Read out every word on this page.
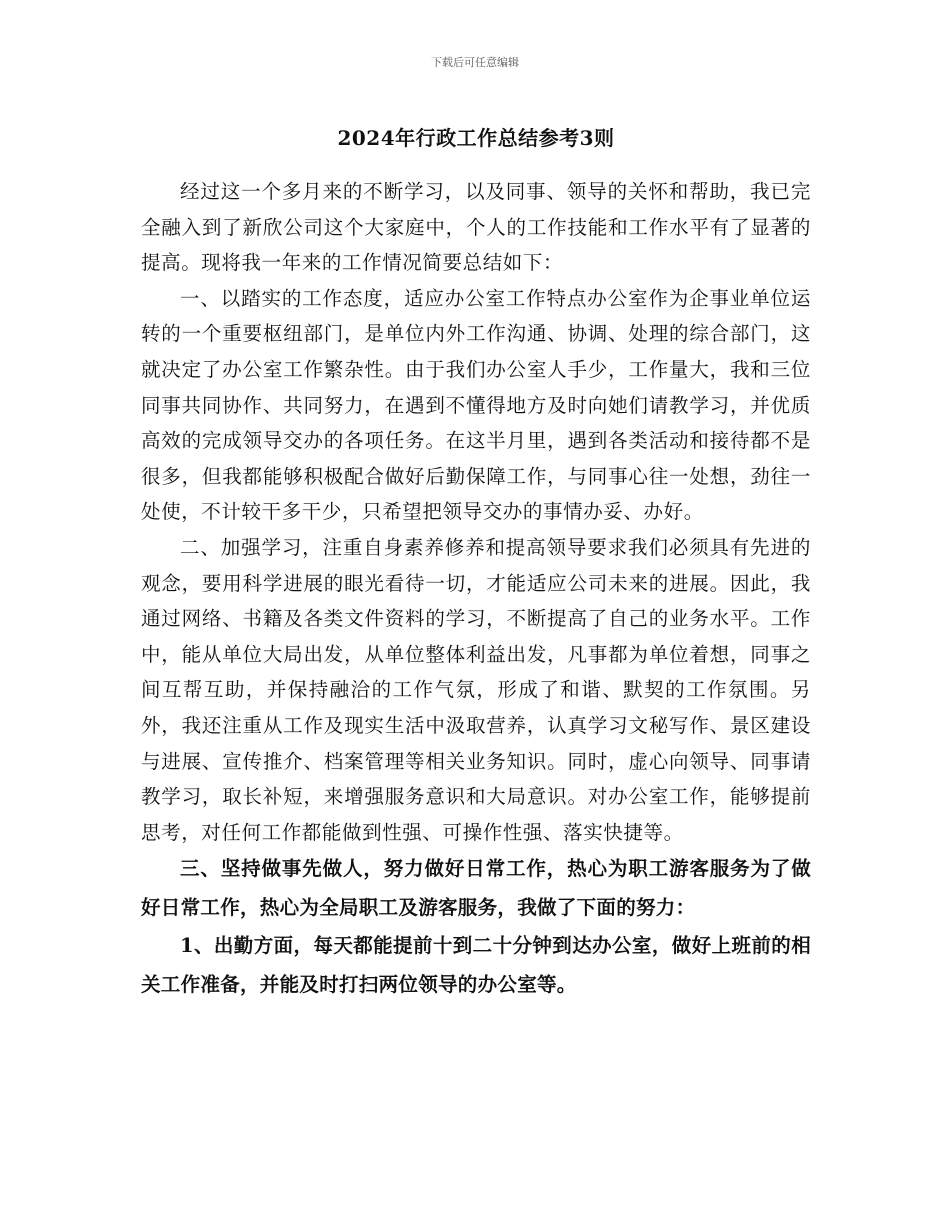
下载后可任意编辑
2024年行政工作总结参考3则

经过这一个多月来的不断学习，以及同事、领导的关怀和帮助，我已完全融入到了新欣公司这个大家庭中，个人的工作技能和工作水平有了显著的提高。现将我一年来的工作情况简要总结如下：

一、以踏实的工作态度，适应办公室工作特点办公室作为企事业单位运转的一个重要枢纽部门，是单位内外工作沟通、协调、处理的综合部门，这就决定了办公室工作繁杂性。由于我们办公室人手少，工作量大，我和三位同事共同协作、共同努力，在遇到不懂得地方及时向她们请教学习，并优质高效的完成领导交办的各项任务。在这半月里，遇到各类活动和接待都不是很多，但我都能够积极配合做好后勤保障工作，与同事心往一处想，劲往一处使，不计较干多干少，只希望把领导交办的事情办妥、办好。

二、加强学习，注重自身素养修养和提高领导要求我们必须具有先进的观念，要用科学进展的眼光看待一切，才能适应公司未来的进展。因此，我通过网络、书籍及各类文件资料的学习，不断提高了自己的业务水平。工作中，能从单位大局出发，从单位整体利益出发，凡事都为单位着想，同事之间互帮互助，并保持融洽的工作气氛，形成了和谐、默契的工作氛围。另外，我还注重从工作及现实生活中汲取营养，认真学习文秘写作、景区建设与进展、宣传推介、档案管理等相关业务知识。同时，虚心向领导、同事请教学习，取长补短，来增强服务意识和大局意识。对办公室工作，能够提前思考，对任何工作都能做到性强、可操作性强、落实快捷等。

三、坚持做事先做人，努力做好日常工作，热心为职工游客服务为了做好日常工作，热心为全局职工及游客服务，我做了下面的努力：

1、出勤方面，每天都能提前十到二十分钟到达办公室，做好上班前的相关工作准备，并能及时打扫两位领导的办公室等。
